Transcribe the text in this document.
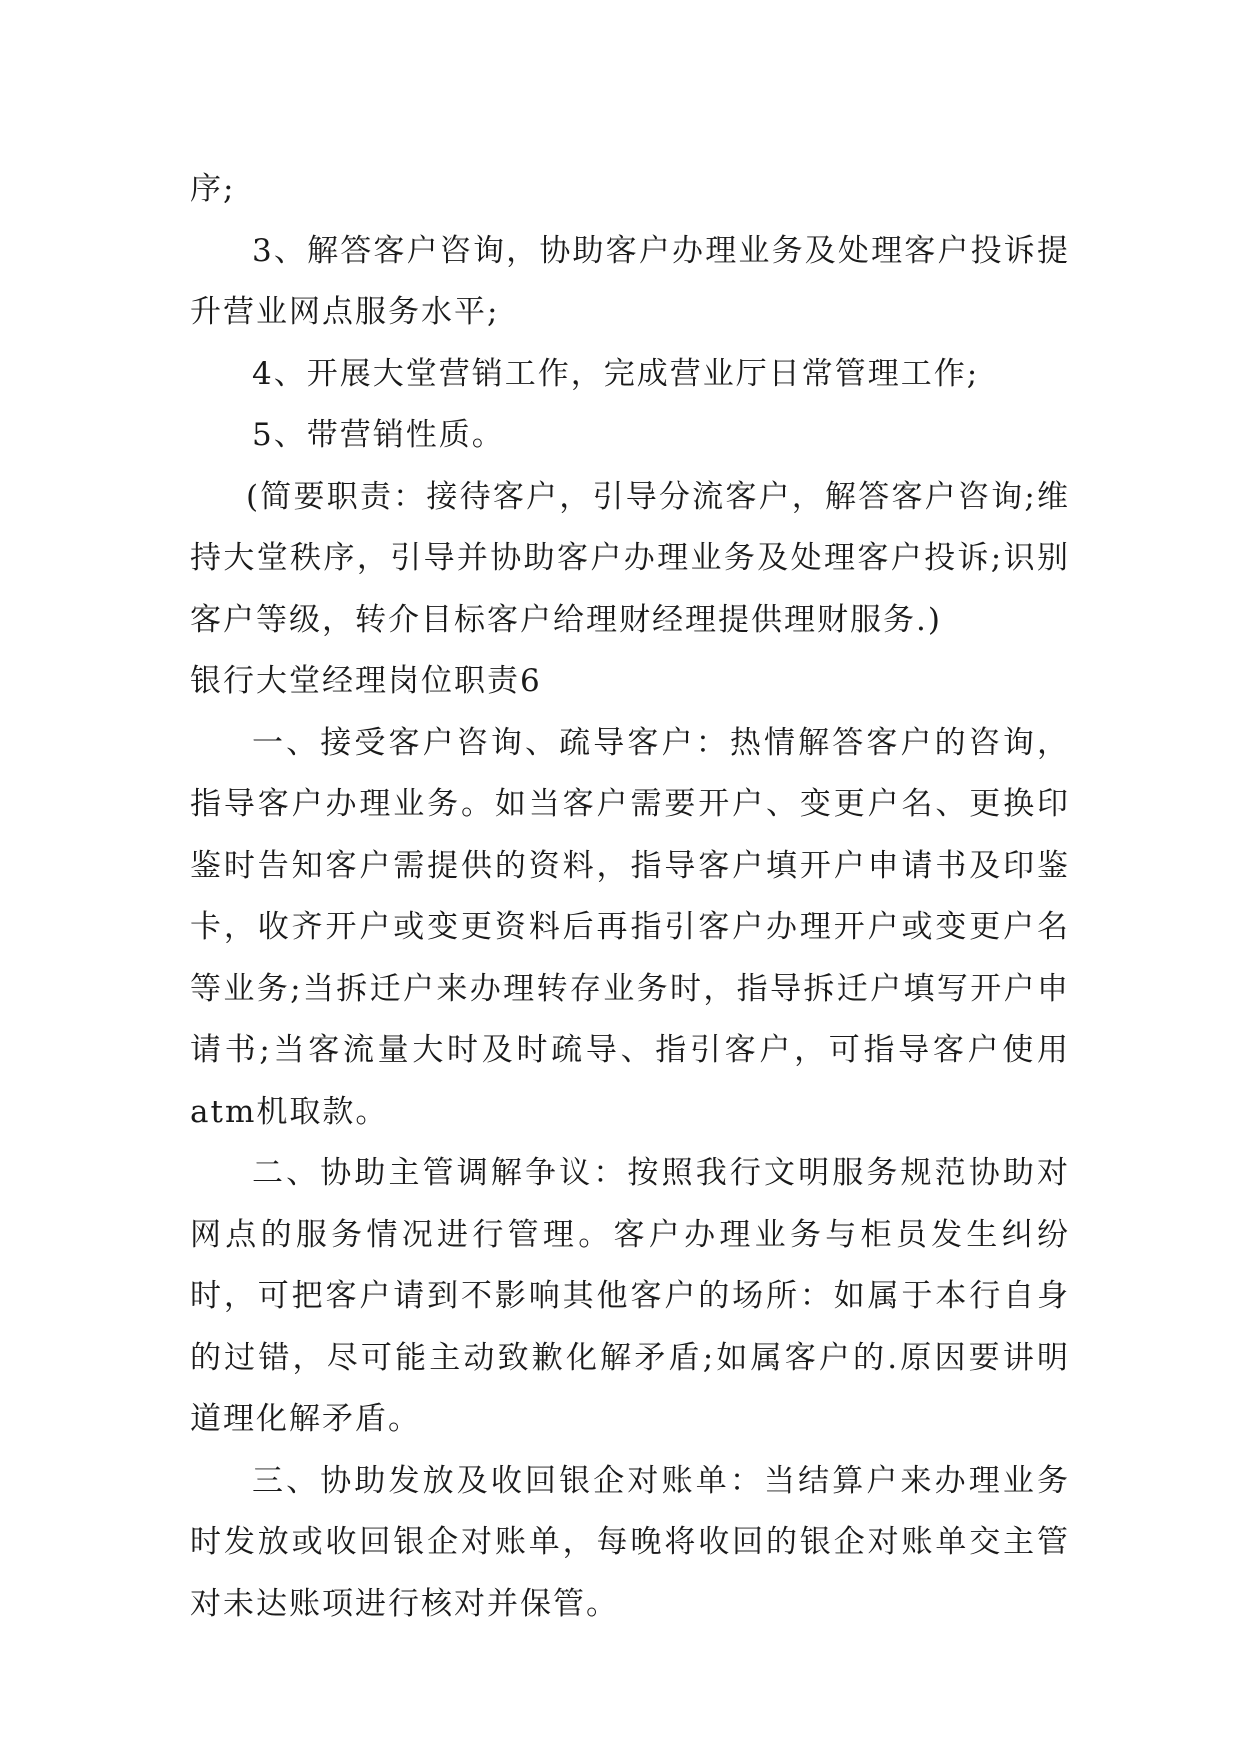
序;

3、解答客户咨询，协助客户办理业务及处理客户投诉提升营业网点服务水平;

4、开展大堂营销工作，完成营业厅日常管理工作;

5、带营销性质。

(简要职责：接待客户，引导分流客户，解答客户咨询;维持大堂秩序，引导并协助客户办理业务及处理客户投诉;识别客户等级，转介目标客户给理财经理提供理财服务.)

银行大堂经理岗位职责6

一、接受客户咨询、疏导客户：热情解答客户的咨询，指导客户办理业务。如当客户需要开户、变更户名、更换印鉴时告知客户需提供的资料，指导客户填开户申请书及印鉴卡，收齐开户或变更资料后再指引客户办理开户或变更户名等业务;当拆迁户来办理转存业务时，指导拆迁户填写开户申请书;当客流量大时及时疏导、指引客户，可指导客户使用atm机取款。

二、协助主管调解争议：按照我行文明服务规范协助对网点的服务情况进行管理。客户办理业务与柜员发生纠纷时，可把客户请到不影响其他客户的场所：如属于本行自身的过错，尽可能主动致歉化解矛盾;如属客户的.原因要讲明道理化解矛盾。

三、协助发放及收回银企对账单：当结算户来办理业务时发放或收回银企对账单，每晚将收回的银企对账单交主管对未达账项进行核对并保管。
